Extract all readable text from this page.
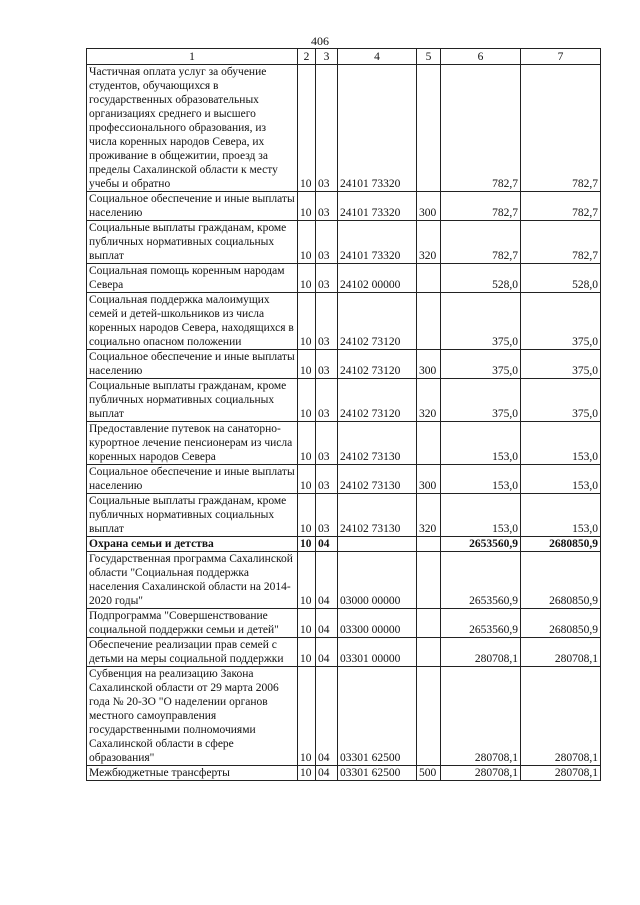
406
1	2	3	4	5	6	7
Частичная оплата услуг за обучение студентов, обучающихся в государственных образовательных организациях среднего и высшего профессионального образования, из числа коренных народов Севера, их проживание в общежитии, проезд за пределы Сахалинской области к месту учебы и обратно	10	03	24101 73320		782,7	782,7
Социальное обеспечение и иные выплаты населению	10	03	24101 73320	300	782,7	782,7
Социальные выплаты гражданам, кроме публичных нормативных социальных выплат	10	03	24101 73320	320	782,7	782,7
Социальная помощь коренным народам Севера	10	03	24102 00000		528,0	528,0
Социальная поддержка малоимущих семей и детей-школьников из числа коренных народов Севера, находящихся в социально опасном положении	10	03	24102 73120		375,0	375,0
Социальное обеспечение и иные выплаты населению	10	03	24102 73120	300	375,0	375,0
Социальные выплаты гражданам, кроме публичных нормативных социальных выплат	10	03	24102 73120	320	375,0	375,0
Предоставление путевок на санаторно-курортное лечение пенсионерам из числа коренных народов Севера	10	03	24102 73130		153,0	153,0
Социальное обеспечение и иные выплаты населению	10	03	24102 73130	300	153,0	153,0
Социальные выплаты гражданам, кроме публичных нормативных социальных выплат	10	03	24102 73130	320	153,0	153,0
Охрана семьи и детства	10	04			2653560,9	2680850,9
Государственная программа Сахалинской области "Социальная поддержка населения Сахалинской области на 2014-2020 годы"	10	04	03000 00000		2653560,9	2680850,9
Подпрограмма "Совершенствование социальной поддержки семьи и детей"	10	04	03300 00000		2653560,9	2680850,9
Обеспечение реализации прав семей с детьми на меры социальной поддержки	10	04	03301 00000		280708,1	280708,1
Субвенция на реализацию Закона Сахалинской области от 29 марта 2006 года № 20-ЗО "О наделении органов местного самоуправления государственными полномочиями Сахалинской области в сфере образования"	10	04	03301 62500		280708,1	280708,1
Межбюджетные трансферты	10	04	03301 62500	500	280708,1	280708,1
